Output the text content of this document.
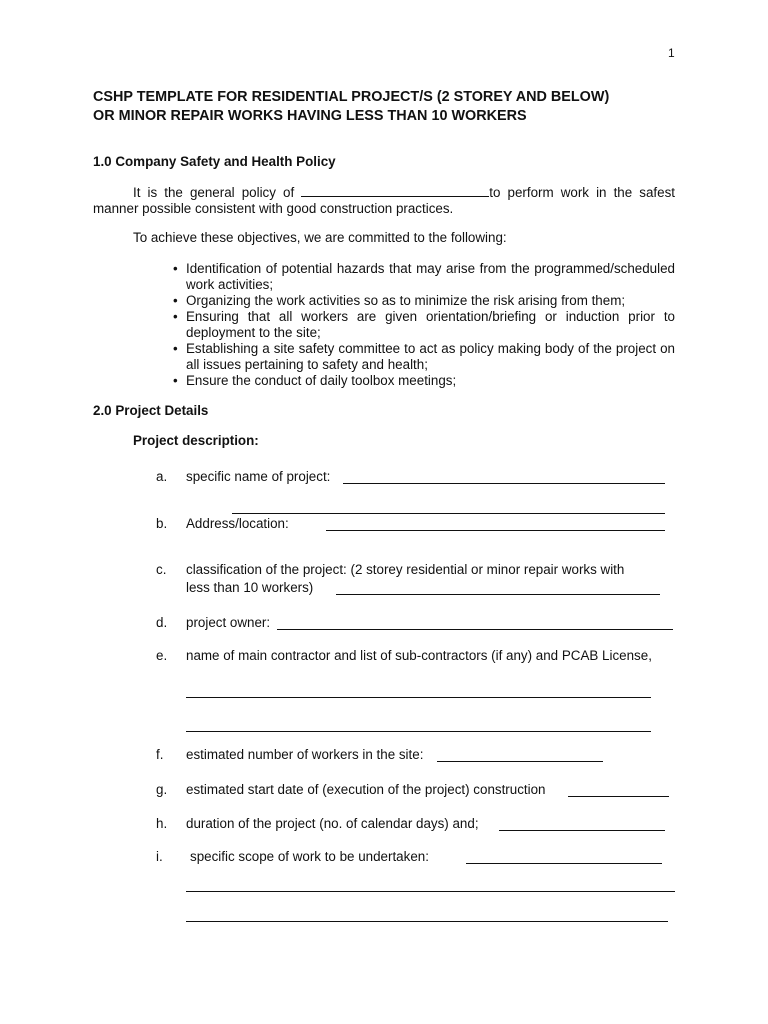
1
CSHP TEMPLATE FOR RESIDENTIAL PROJECT/S (2 STOREY AND BELOW)
OR MINOR REPAIR WORKS HAVING LESS THAN 10 WORKERS
1.0 Company Safety and Health Policy
It is the general policy of	to perform work in the safest manner possible consistent with good construction practices.
To achieve these objectives, we are committed to the following:
• Identification of potential hazards that may arise from the programmed/scheduled work activities;
• Organizing the work activities so as to minimize the risk arising from them;
• Ensuring that all workers are given orientation/briefing or induction prior to deployment to the site;
• Establishing a site safety committee to act as policy making body of the project on all issues pertaining to safety and health;
• Ensure the conduct of daily toolbox meetings;
2.0 Project Details
Project description:
a. specific name of project:
b. Address/location:
c. classification of the project: (2 storey residential or minor repair works with
less than 10 workers)
d. project owner:
e. name of main contractor and list of sub-contractors (if any) and PCAB License,
f. estimated number of workers in the site:
g. estimated start date of (execution of the project) construction
h. duration of the project (no. of calendar days) and;
i. specific scope of work to be undertaken:
